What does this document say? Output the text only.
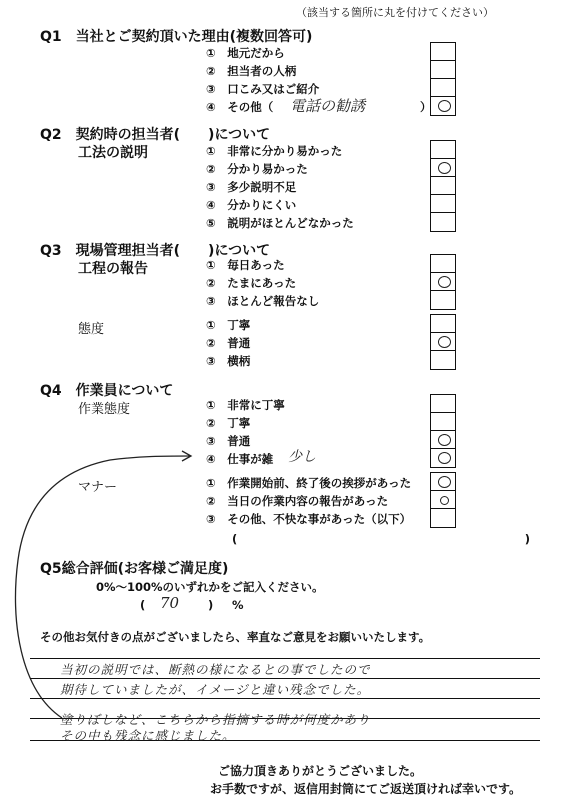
（該当する箇所に丸を付けてください）
Q1　当社とご契約頂いた理由(複数回答可)
①　地元だから
②　担当者の人柄
③　口こみ又はご紹介
④　その他（ 電話の勧誘	）
Q2　契約時の担当者(　　)について
工法の説明	①　非常に分かり易かった
②　分かり易かった
③　多少説明不足
④　分かりにくい
⑤　説明がほとんどなかった
Q3　現場管理担当者(　　)について
工程の報告	①　毎日あった
②　たまにあった
③　ほとんど報告なし
態度	①　丁寧
②　普通
③　横柄
Q4　作業員について
作業態度	①　非常に丁寧
②　丁寧
③　普通
④　仕事が雑 少し
マナー	①　作業開始前、終了後の挨拶があった
②　当日の作業内容の報告があった
③　その他、不快な事があった（以下）
(　　　　　　　　　　　　　　　　　　　　　　　　　)
Q5総合評価(お客様ご満足度)
0%～100%のいずれかをご記入ください。
( 70	) %
その他お気付きの点がございましたら、率直なご意見をお願いいたします。
当初の説明では、断熱の様になるとの事でしたので
期待していましたが、イメージと違い残念でした。
塗りぼしなど、こちらから指摘する時が何度かあり
その中も残念に感じました。
ご協力頂きありがとうございました。
お手数ですが、返信用封筒にてご返送頂ければ幸いです。
